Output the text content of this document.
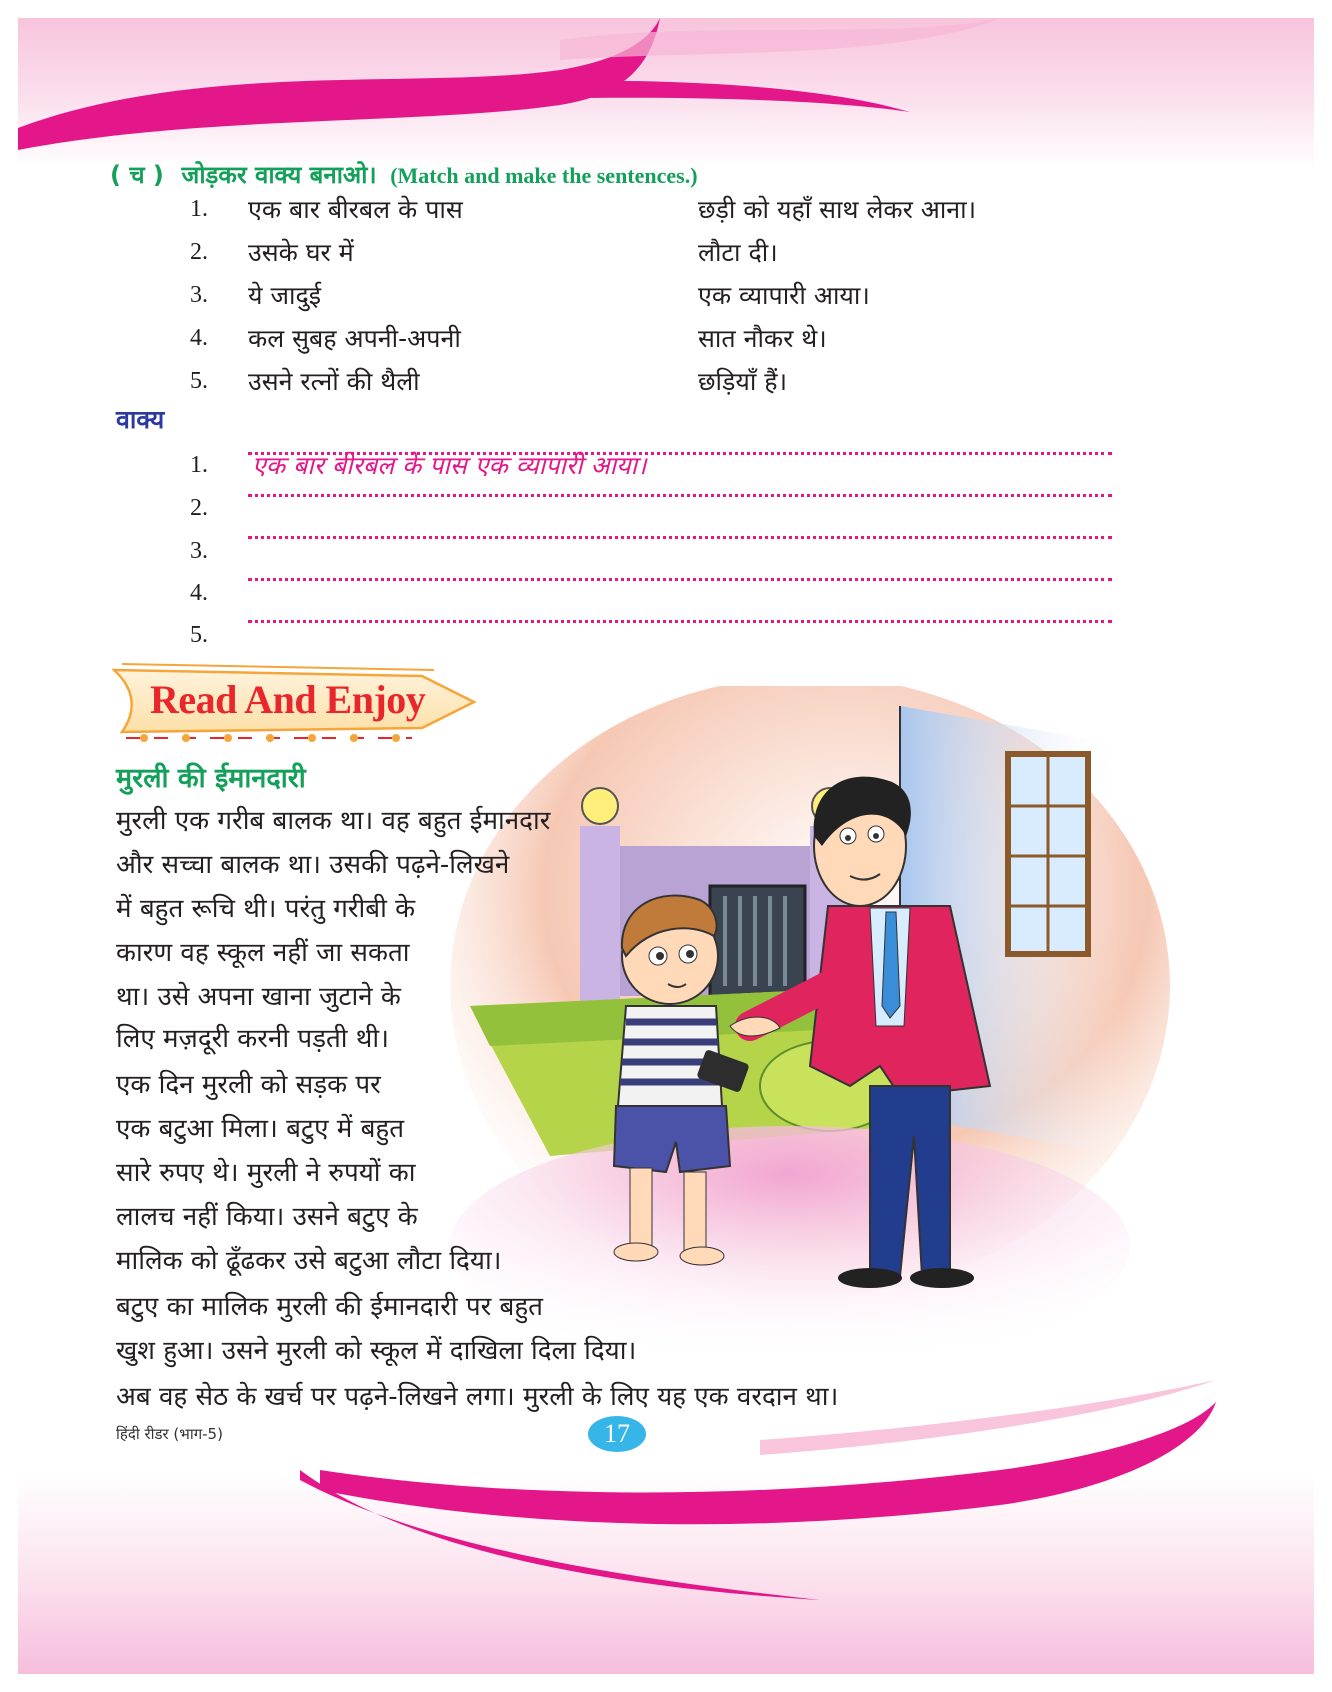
( च ) जोड़कर वाक्य बनाओ। (Match and make the sentences.)
1. एक बार बीरबल के पास	छड़ी को यहाँ साथ लेकर आना।
2. उसके घर में	लौटा दी।
3. ये जादुई	एक व्यापारी आया।
4. कल सुबह अपनी-अपनी	सात नौकर थे।
5. उसने रत्नों की थैली	छड़ियाँ हैं।
वाक्य
1. एक बार बीरबल के पास एक व्यापारी आया।
2.
3.
4.
5.
Read And Enjoy
मुरली की ईमानदारी
मुरली एक गरीब बालक था। वह बहुत ईमानदार
और सच्चा बालक था। उसकी पढ़ने-लिखने
में बहुत रूचि थी। परंतु गरीबी के
कारण वह स्कूल नहीं जा सकता
था। उसे अपना खाना जुटाने के
लिए मज़दूरी करनी पड़ती थी।
एक दिन मुरली को सड़क पर
एक बटुआ मिला। बटुए में बहुत
सारे रुपए थे। मुरली ने रुपयों का
लालच नहीं किया। उसने बटुए के
मालिक को ढूँढकर उसे बटुआ लौटा दिया।
बटुए का मालिक मुरली की ईमानदारी पर बहुत
खुश हुआ। उसने मुरली को स्कूल में दाखिला दिला दिया।
अब वह सेठ के खर्च पर पढ़ने-लिखने लगा। मुरली के लिए यह एक वरदान था।
हिंदी रीडर (भाग-5)	17
